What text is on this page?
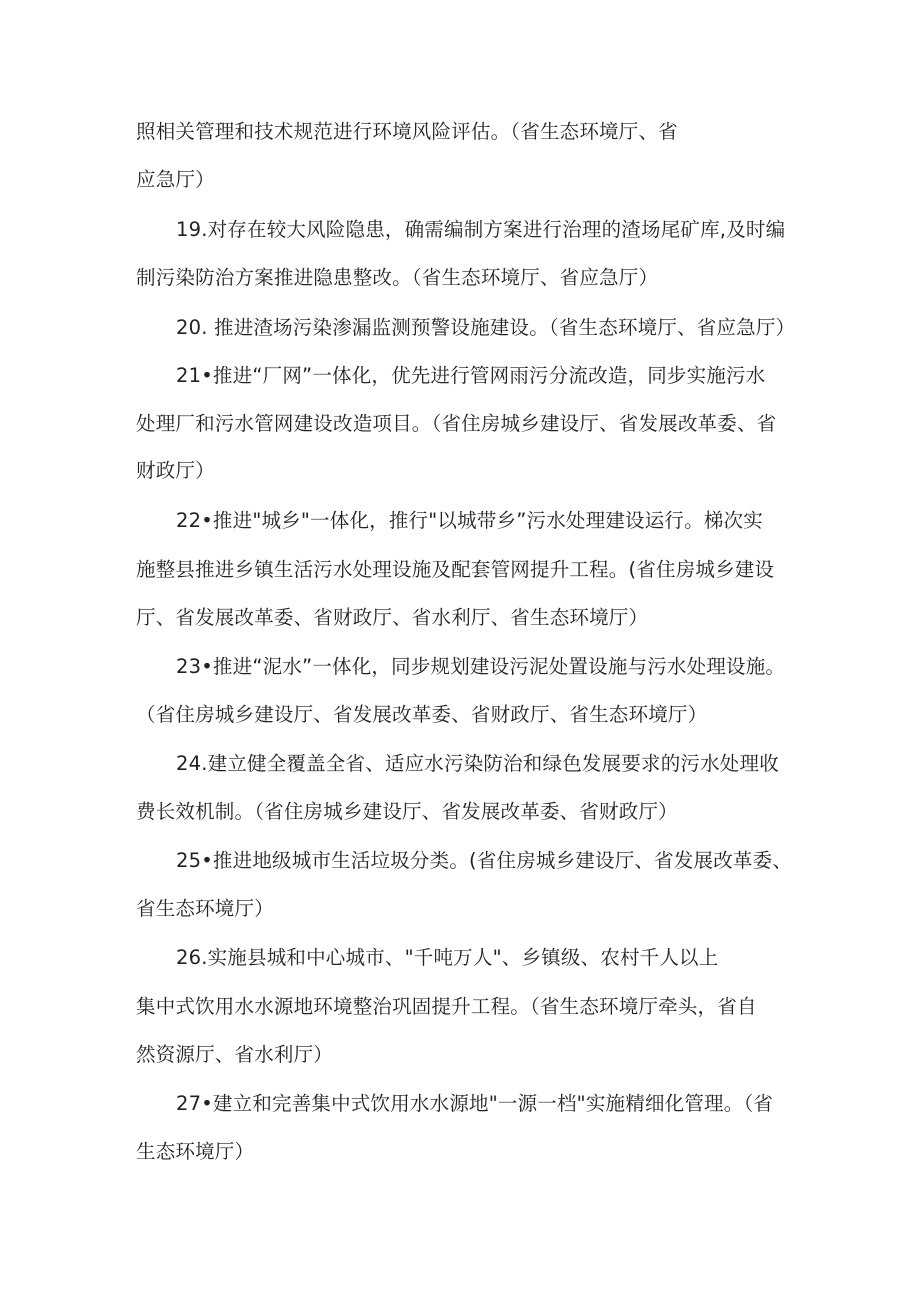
照相关管理和技术规范进行环境风险评估。（省生态环境厅、省
应急厅）
19.对存在较大风险隐患，确需编制方案进行治理的渣场尾矿库,及时编
制污染防治方案推进隐患整改。（省生态环境厅、省应急厅）
20. 推进渣场污染渗漏监测预警设施建设。（省生态环境厅、省应急厅）
21•推进“厂网”一体化，优先进行管网雨污分流改造，同步实施污水
处理厂和污水管网建设改造项目。（省住房城乡建设厅、省发展改革委、省
财政厅）
22•推进"城乡"一体化，推行"以城带乡”污水处理建设运行。梯次实
施整县推进乡镇生活污水处理设施及配套管网提升工程。(省住房城乡建设
厅、省发展改革委、省财政厅、省水利厅、省生态环境厅）
23•推进“泥水”一体化，同步规划建设污泥处置设施与污水处理设施。
（省住房城乡建设厅、省发展改革委、省财政厅、省生态环境厅）
24.建立健全覆盖全省、适应水污染防治和绿色发展要求的污水处理收
费长效机制。（省住房城乡建设厅、省发展改革委、省财政厅）
25•推进地级城市生活垃圾分类。(省住房城乡建设厅、省发展改革委、
省生态环境厅）
26.实施县城和中心城市、"千吨万人"、乡镇级、农村千人以上
集中式饮用水水源地环境整治巩固提升工程。（省生态环境厅牵头，省自
然资源厅、省水利厅）
27•建立和完善集中式饮用水水源地"一源一档"实施精细化管理。（省
生态环境厅）
